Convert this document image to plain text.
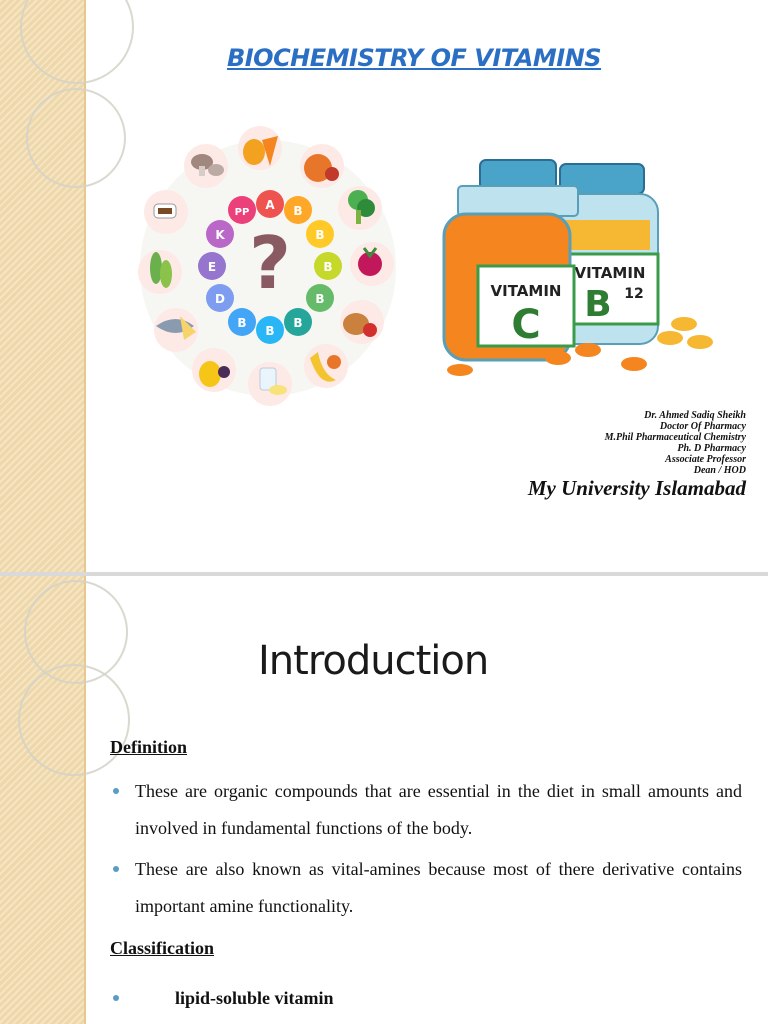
BIOCHEMISTRY OF VITAMINS
A B
B
B
B
B
B
B
D
E
K
PP
?	VITAMIN
B 12
VITAMIN
C
Dr. Ahmed Sadiq Sheikh
Doctor Of Pharmacy
M.Phil Pharmaceutical Chemistry
Ph. D Pharmacy
Associate Professor
Dean / HOD
My University Islamabad
Introduction
Definition
These are organic compounds that are essential in the diet in small amounts and involved in fundamental functions of the body.
These are also known as vital-amines because most of there derivative contains important amine functionality.
Classification
lipid-soluble vitamin
